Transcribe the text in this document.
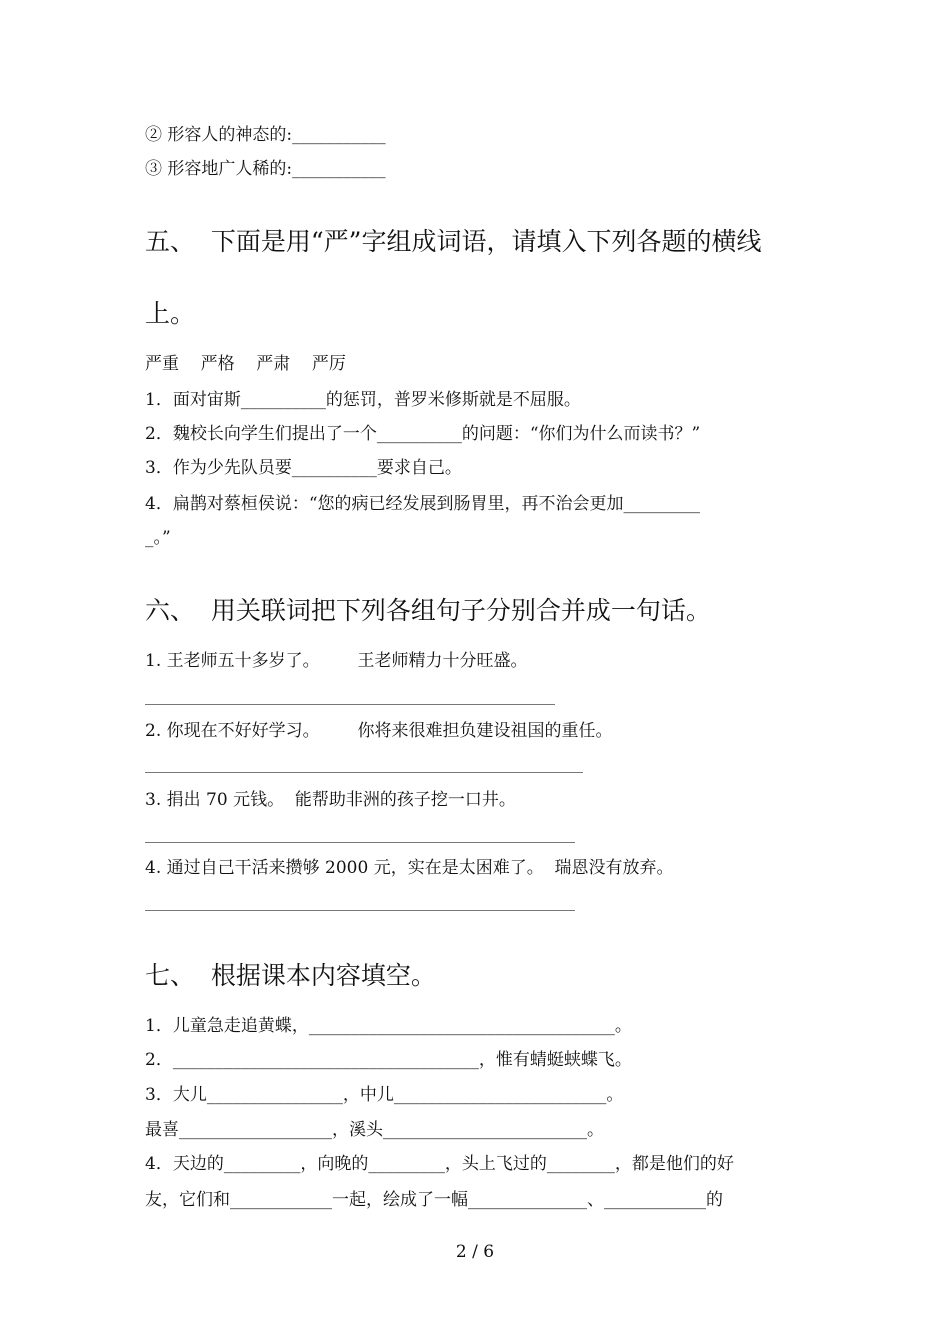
② 形容人的神态的:___________
③ 形容地广人稀的:___________
五、  下面是用“严”字组成词语，请填入下列各题的横线
上。
严重    严格    严肃    严厉
1．面对宙斯__________的惩罚，普罗米修斯就是不屈服。
2．魏校长向学生们提出了一个__________的问题：“你们为什么而读书？”
3．作为少先队员要__________要求自己。
4．扁鹊对蔡桓侯说：“您的病已经发展到肠胃里，再不治会更加_________
_。”
六、  用关联词把下列各组句子分别合并成一句话。
1. 王老师五十多岁了。       王老师精力十分旺盛。
2. 你现在不好好学习。       你将来很难担负建设祖国的重任。
3. 捐出 70 元钱。  能帮助非洲的孩子挖一口井。
4. 通过自己干活来攒够 2000 元，实在是太困难了。  瑞恩没有放弃。
七、  根据课本内容填空。
1．儿童急走追黄蝶，____________________________________。
2．____________________________________，惟有蜻蜓蛱蝶飞。
3．大儿________________，中儿_________________________。
最喜__________________，溪头________________________。
4．天边的_________，向晚的_________，头上飞过的________，都是他们的好
友，它们和____________一起，绘成了一幅______________、____________的
2 / 6
